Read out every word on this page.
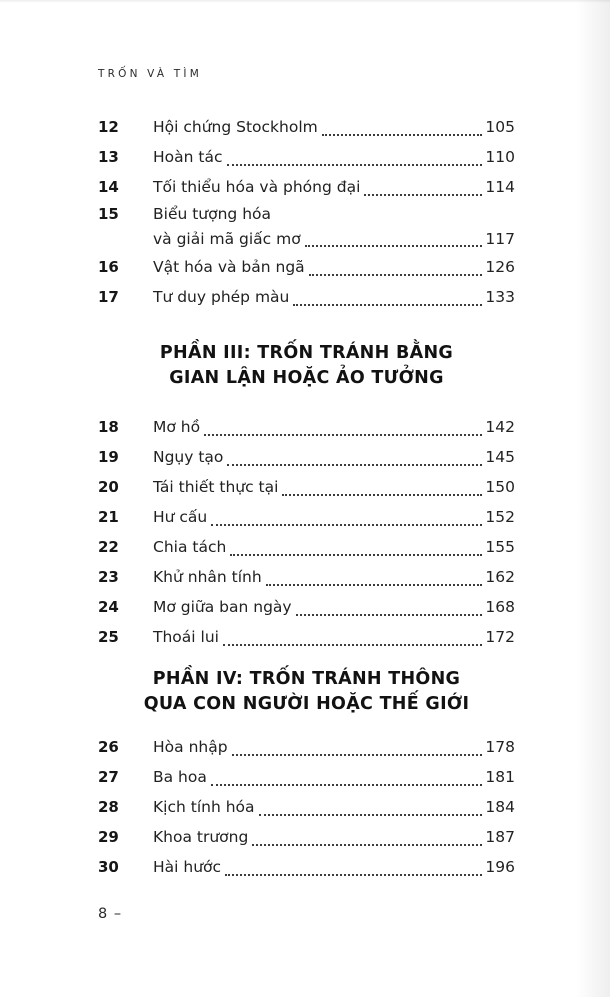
TRỐN VÀ TÌM
12	Hội chứng Stockholm	105
13	Hoàn tác	110
14	Tối thiểu hóa và phóng đại	114
15	Biểu tượng hóa
và giải mã giấc mơ	117
16	Vật hóa và bản ngã	126
17	Tư duy phép màu	133
PHẦN III: TRỐN TRÁNH BẰNG
GIAN LẬN HOẶC ẢO TƯỞNG
18	Mơ hồ	142
19	Ngụy tạo	145
20	Tái thiết thực tại	150
21	Hư cấu	152
22	Chia tách	155
23	Khử nhân tính	162
24	Mơ giữa ban ngày	168
25	Thoái lui	172
PHẦN IV: TRỐN TRÁNH THÔNG
QUA CON NGƯỜI HOẶC THẾ GIỚI
26	Hòa nhập	178
27	Ba hoa	181
28	Kịch tính hóa	184
29	Khoa trương	187
30	Hài hước	196
8 –
